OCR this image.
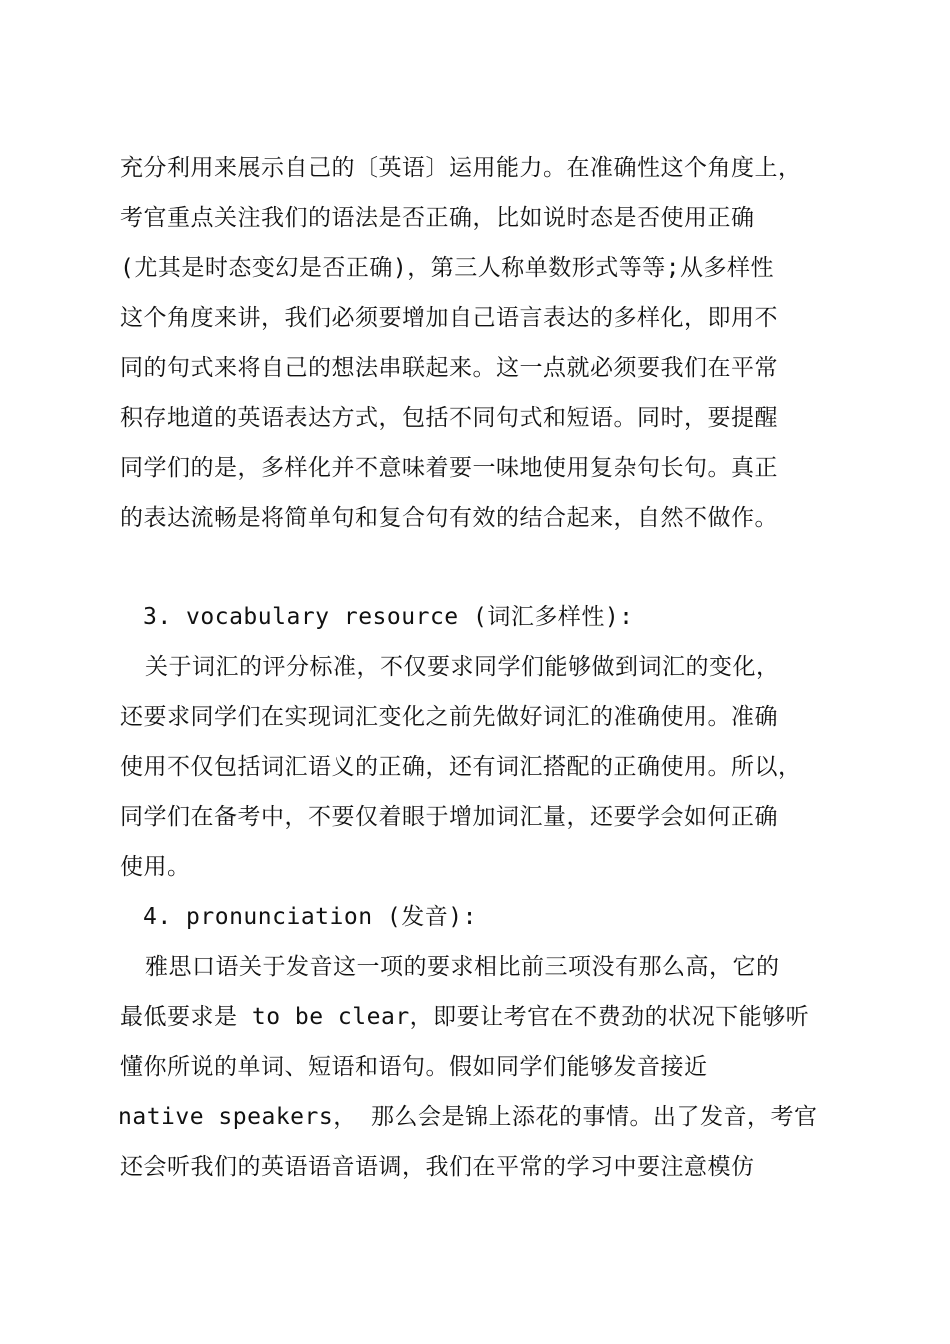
充分利用来展示自己的〔英语〕运用能力。在准确性这个角度上，

考官重点关注我们的语法是否正确，比如说时态是否使用正确

(尤其是时态变幻是否正确)，第三人称单数形式等等;从多样性

这个角度来讲，我们必须要增加自己语言表达的多样化，即用不

同的句式来将自己的想法串联起来。这一点就必须要我们在平常

积存地道的英语表达方式，包括不同句式和短语。同时，要提醒

同学们的是，多样化并不意味着要一味地使用复杂句长句。真正

的表达流畅是将简单句和复合句有效的结合起来，自然不做作。

3. vocabulary resource (词汇多样性):

关于词汇的评分标准，不仅要求同学们能够做到词汇的变化，

还要求同学们在实现词汇变化之前先做好词汇的准确使用。准确

使用不仅包括词汇语义的正确，还有词汇搭配的正确使用。所以，

同学们在备考中，不要仅着眼于增加词汇量，还要学会如何正确

使用。

4. pronunciation (发音):

雅思口语关于发音这一项的要求相比前三项没有那么高，它的

最低要求是 to be clear，即要让考官在不费劲的状况下能够听

懂你所说的单词、短语和语句。假如同学们能够发音接近

native speakers， 那么会是锦上添花的事情。出了发音，考官

还会听我们的英语语音语调，我们在平常的学习中要注意模仿
